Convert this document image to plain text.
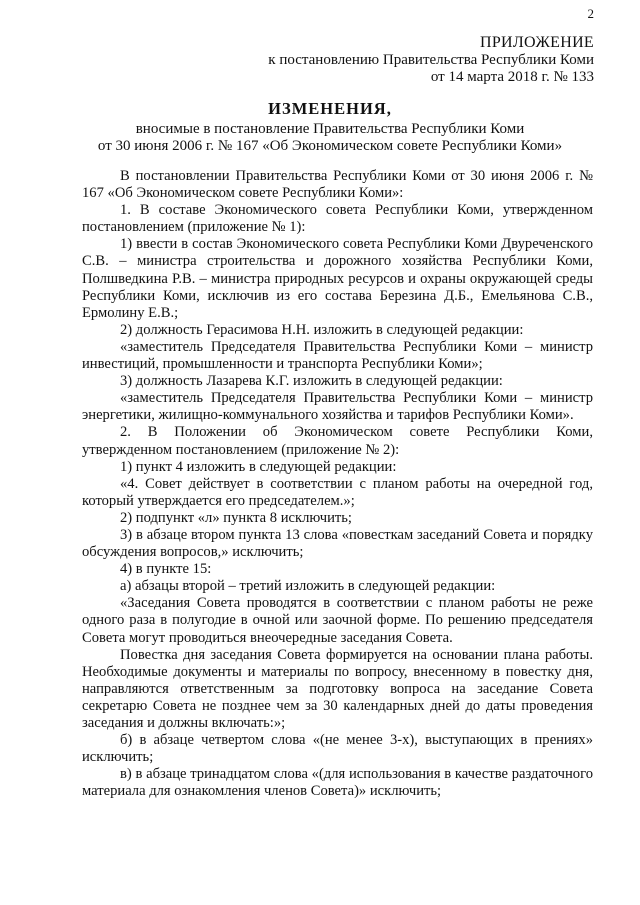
2
ПРИЛОЖЕНИЕ
к постановлению Правительства Республики Коми
от 14 марта 2018 г. № 133
ИЗМЕНЕНИЯ,
вносимые в постановление Правительства Республики Коми
от 30 июня 2006 г. № 167 «Об Экономическом совете Республики Коми»

В постановлении Правительства Республики Коми от 30 июня 2006 г. № 167 «Об Экономическом совете Республики Коми»:

1. В составе Экономического совета Республики Коми, утвержденном постановлением (приложение № 1):

1) ввести в состав Экономического совета Республики Коми Двуреченского С.В. – министра строительства и дорожного хозяйства Республики Коми, Полшведкина Р.В. – министра природных ресурсов и охраны окружающей среды Республики Коми, исключив из его состава Березина Д.Б., Емельянова С.В., Ермолину Е.В.;

2) должность Герасимова Н.Н. изложить в следующей редакции:

«заместитель Председателя Правительства Республики Коми – министр инвестиций, промышленности и транспорта Республики Коми»;

3) должность Лазарева К.Г. изложить в следующей редакции:

«заместитель Председателя Правительства Республики Коми – министр энергетики, жилищно-коммунального хозяйства и тарифов Республики Коми».

2. В Положении об Экономическом совете Республики Коми, утвержденном постановлением (приложение № 2):

1) пункт 4 изложить в следующей редакции:

«4. Совет действует в соответствии с планом работы на очередной год, который утверждается его председателем.»;

2) подпункт «л» пункта 8 исключить;

3) в абзаце втором пункта 13 слова «повесткам заседаний Совета и порядку обсуждения вопросов,» исключить;

4) в пункте 15:

а) абзацы второй – третий изложить в следующей редакции:

«Заседания Совета проводятся в соответствии с планом работы не реже одного раза в полугодие в очной или заочной форме. По решению председателя Совета могут проводиться внеочередные заседания Совета.

Повестка дня заседания Совета формируется на основании плана работы. Необходимые документы и материалы по вопросу, внесенному в повестку дня, направляются ответственным за подготовку вопроса на заседание Совета секретарю Совета не позднее чем за 30 календарных дней до даты проведения заседания и должны включать:»;

б) в абзаце четвертом слова «(не менее 3-х), выступающих в прениях» исключить;

в) в абзаце тринадцатом слова «(для использования в качестве раздаточного материала для ознакомления членов Совета)» исключить;
